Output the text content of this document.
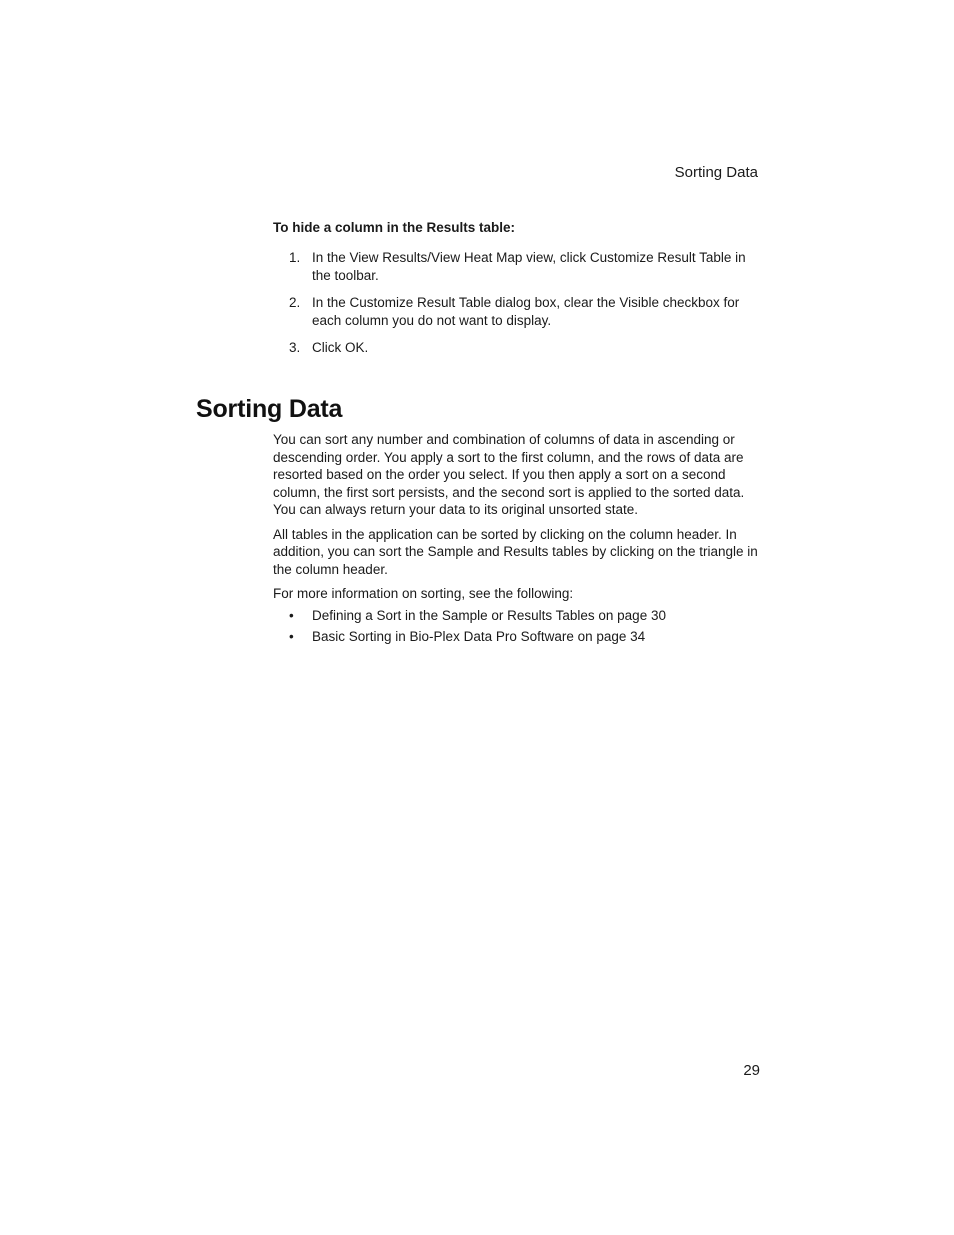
Sorting Data
To hide a column in the Results table:
1. In the View Results/View Heat Map view, click Customize Result Table in the toolbar.
2. In the Customize Result Table dialog box, clear the Visible checkbox for each column you do not want to display.
3. Click OK.
Sorting Data

You can sort any number and combination of columns of data in ascending or descending order. You apply a sort to the first column, and the rows of data are resorted based on the order you select. If you then apply a sort on a second column, the first sort persists, and the second sort is applied to the sorted data. You can always return your data to its original unsorted state.

All tables in the application can be sorted by clicking on the column header. In addition, you can sort the Sample and Results tables by clicking on the triangle in the column header.

For more information on sorting, see the following:

• Defining a Sort in the Sample or Results Tables on page 30
• Basic Sorting in Bio-Plex Data Pro Software on page 34
29
